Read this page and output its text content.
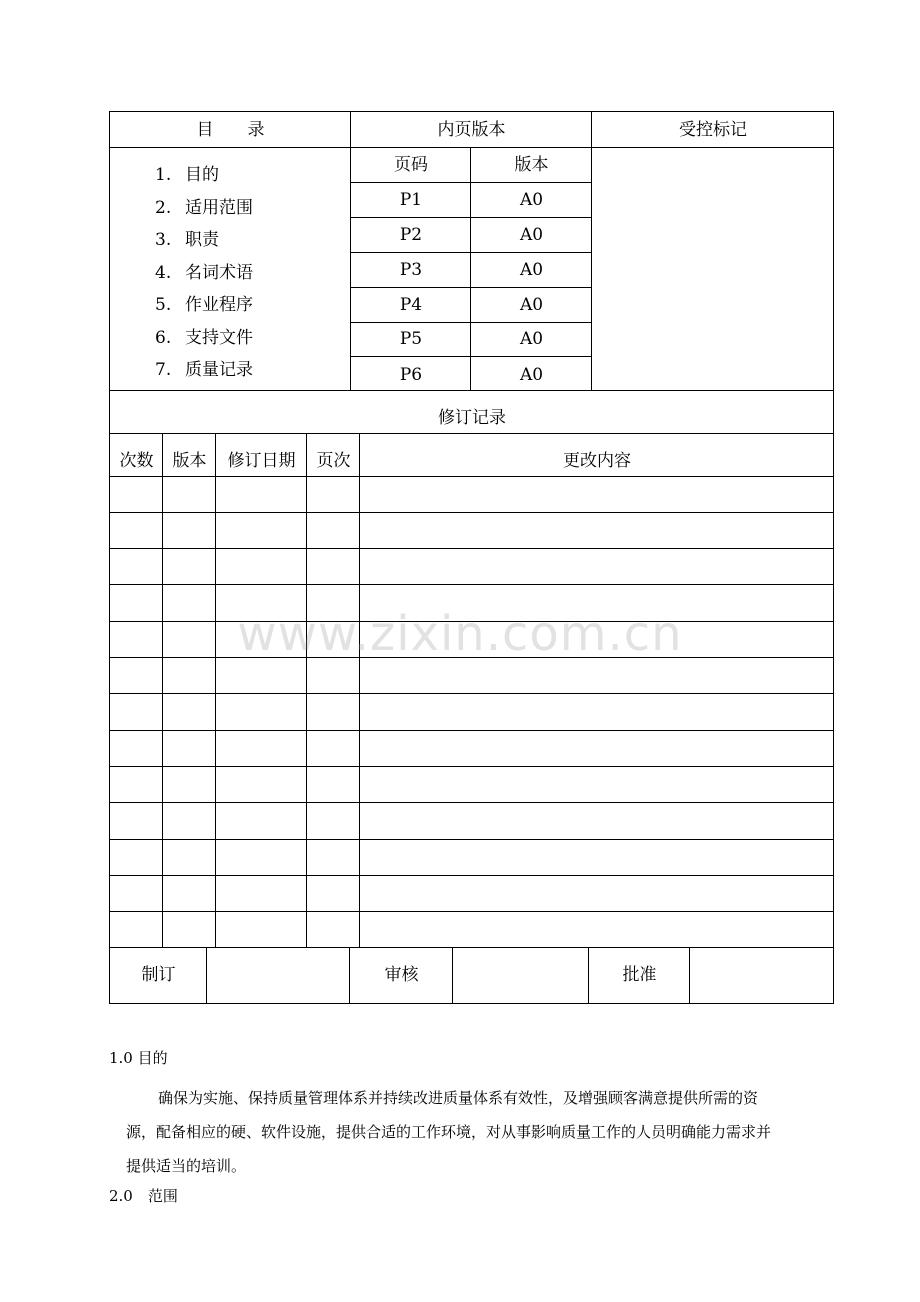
目　　录	内页版本	受控标记
1. 目的
2. 适用范围
3. 职责
4. 名词术语
5. 作业程序
6. 支持文件
7. 质量记录
页码	版本
P1	A0
P2	A0
P3	A0
P4	A0
P5	A0
P6	A0
修订记录
次数	版本	修订日期	页次	更改内容
制订	审核	批准
www.zixin.com.cn
1.0 目的
确保为实施、保持质量管理体系并持续改进质量体系有效性，及增强顾客满意提供所需的资
源，配备相应的硬、软件设施，提供合适的工作环境，对从事影响质量工作的人员明确能力需求并
提供适当的培训。
2.0　范围
